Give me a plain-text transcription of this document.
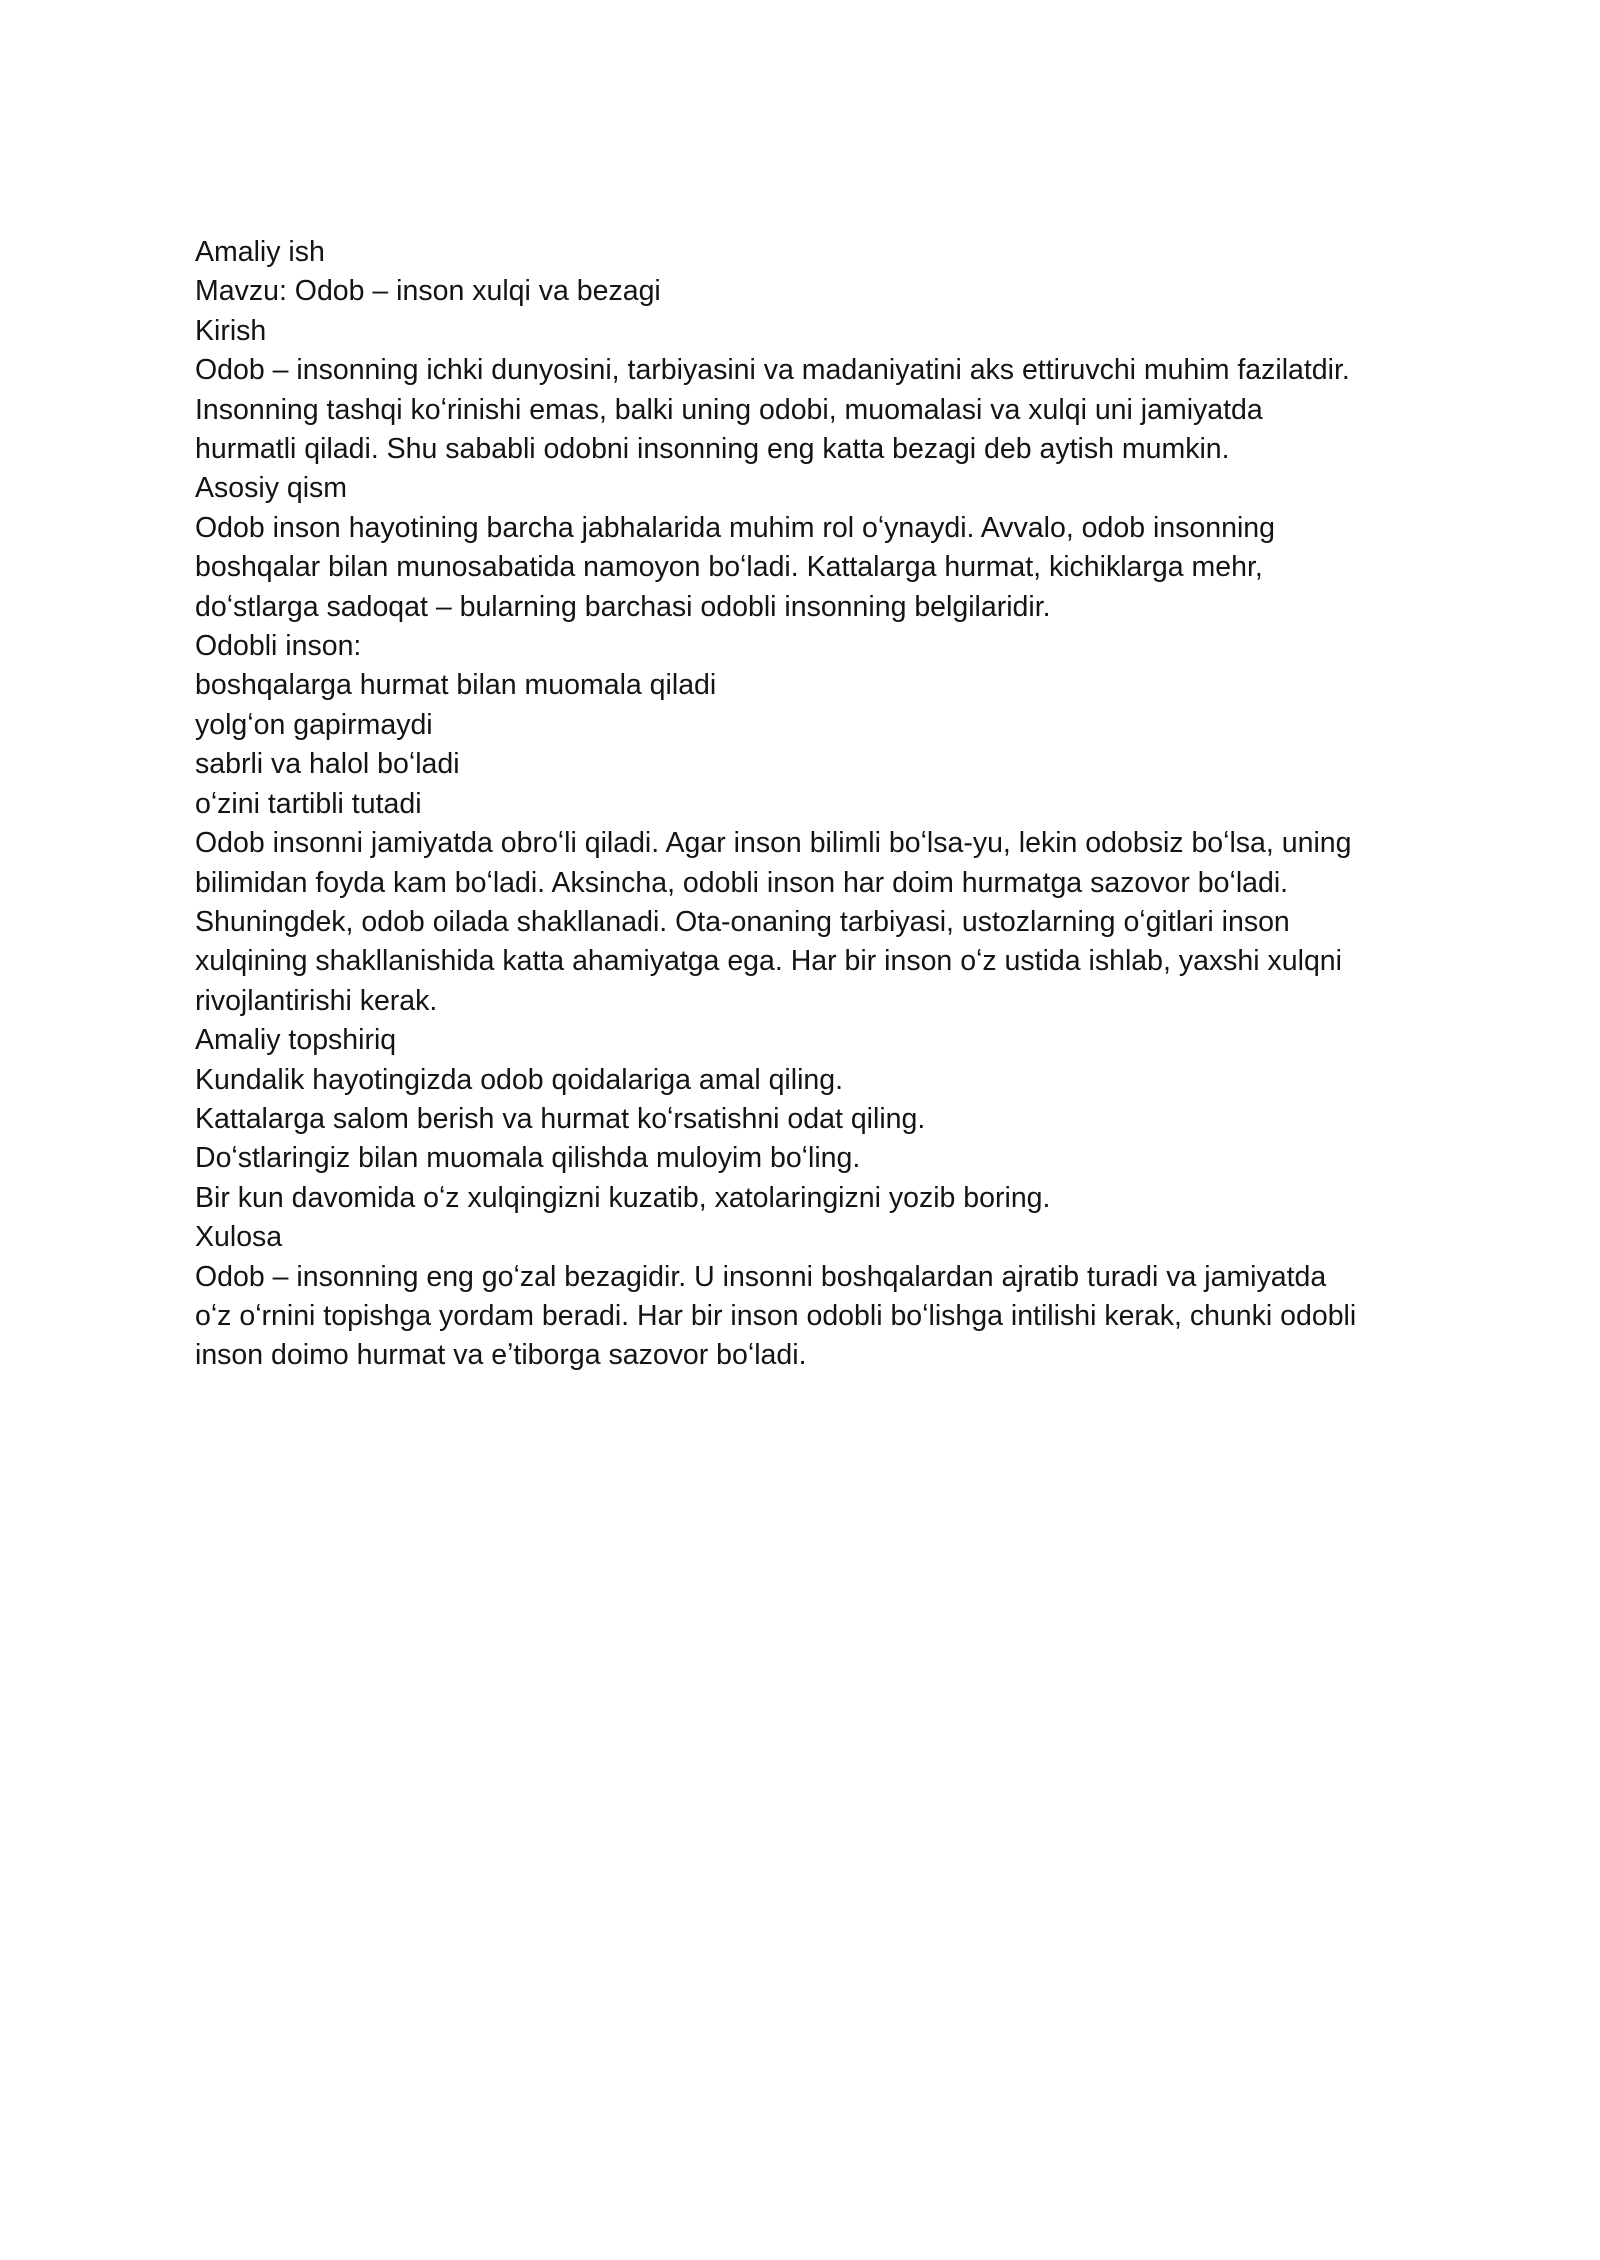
Amaliy ish
Mavzu: Odob – inson xulqi va bezagi
Kirish
Odob – insonning ichki dunyosini, tarbiyasini va madaniyatini aks ettiruvchi muhim fazilatdir.
Insonning tashqi koʻrinishi emas, balki uning odobi, muomalasi va xulqi uni jamiyatda
hurmatli qiladi. Shu sababli odobni insonning eng katta bezagi deb aytish mumkin.
Asosiy qism
Odob inson hayotining barcha jabhalarida muhim rol oʻynaydi. Avvalo, odob insonning
boshqalar bilan munosabatida namoyon boʻladi. Kattalarga hurmat, kichiklarga mehr,
doʻstlarga sadoqat – bularning barchasi odobli insonning belgilaridir.
Odobli inson:
boshqalarga hurmat bilan muomala qiladi
yolgʻon gapirmaydi
sabrli va halol boʻladi
oʻzini tartibli tutadi
Odob insonni jamiyatda obroʻli qiladi. Agar inson bilimli boʻlsa-yu, lekin odobsiz boʻlsa, uning
bilimidan foyda kam boʻladi. Aksincha, odobli inson har doim hurmatga sazovor boʻladi.
Shuningdek, odob oilada shakllanadi. Ota-onaning tarbiyasi, ustozlarning oʻgitlari inson
xulqining shakllanishida katta ahamiyatga ega. Har bir inson oʻz ustida ishlab, yaxshi xulqni
rivojlantirishi kerak.
Amaliy topshiriq
Kundalik hayotingizda odob qoidalariga amal qiling.
Kattalarga salom berish va hurmat koʻrsatishni odat qiling.
Doʻstlaringiz bilan muomala qilishda muloyim boʻling.
Bir kun davomida oʻz xulqingizni kuzatib, xatolaringizni yozib boring.
Xulosa
Odob – insonning eng goʻzal bezagidir. U insonni boshqalardan ajratib turadi va jamiyatda
oʻz oʻrnini topishga yordam beradi. Har bir inson odobli boʻlishga intilishi kerak, chunki odobli
inson doimo hurmat va eʼtiborga sazovor boʻladi.
